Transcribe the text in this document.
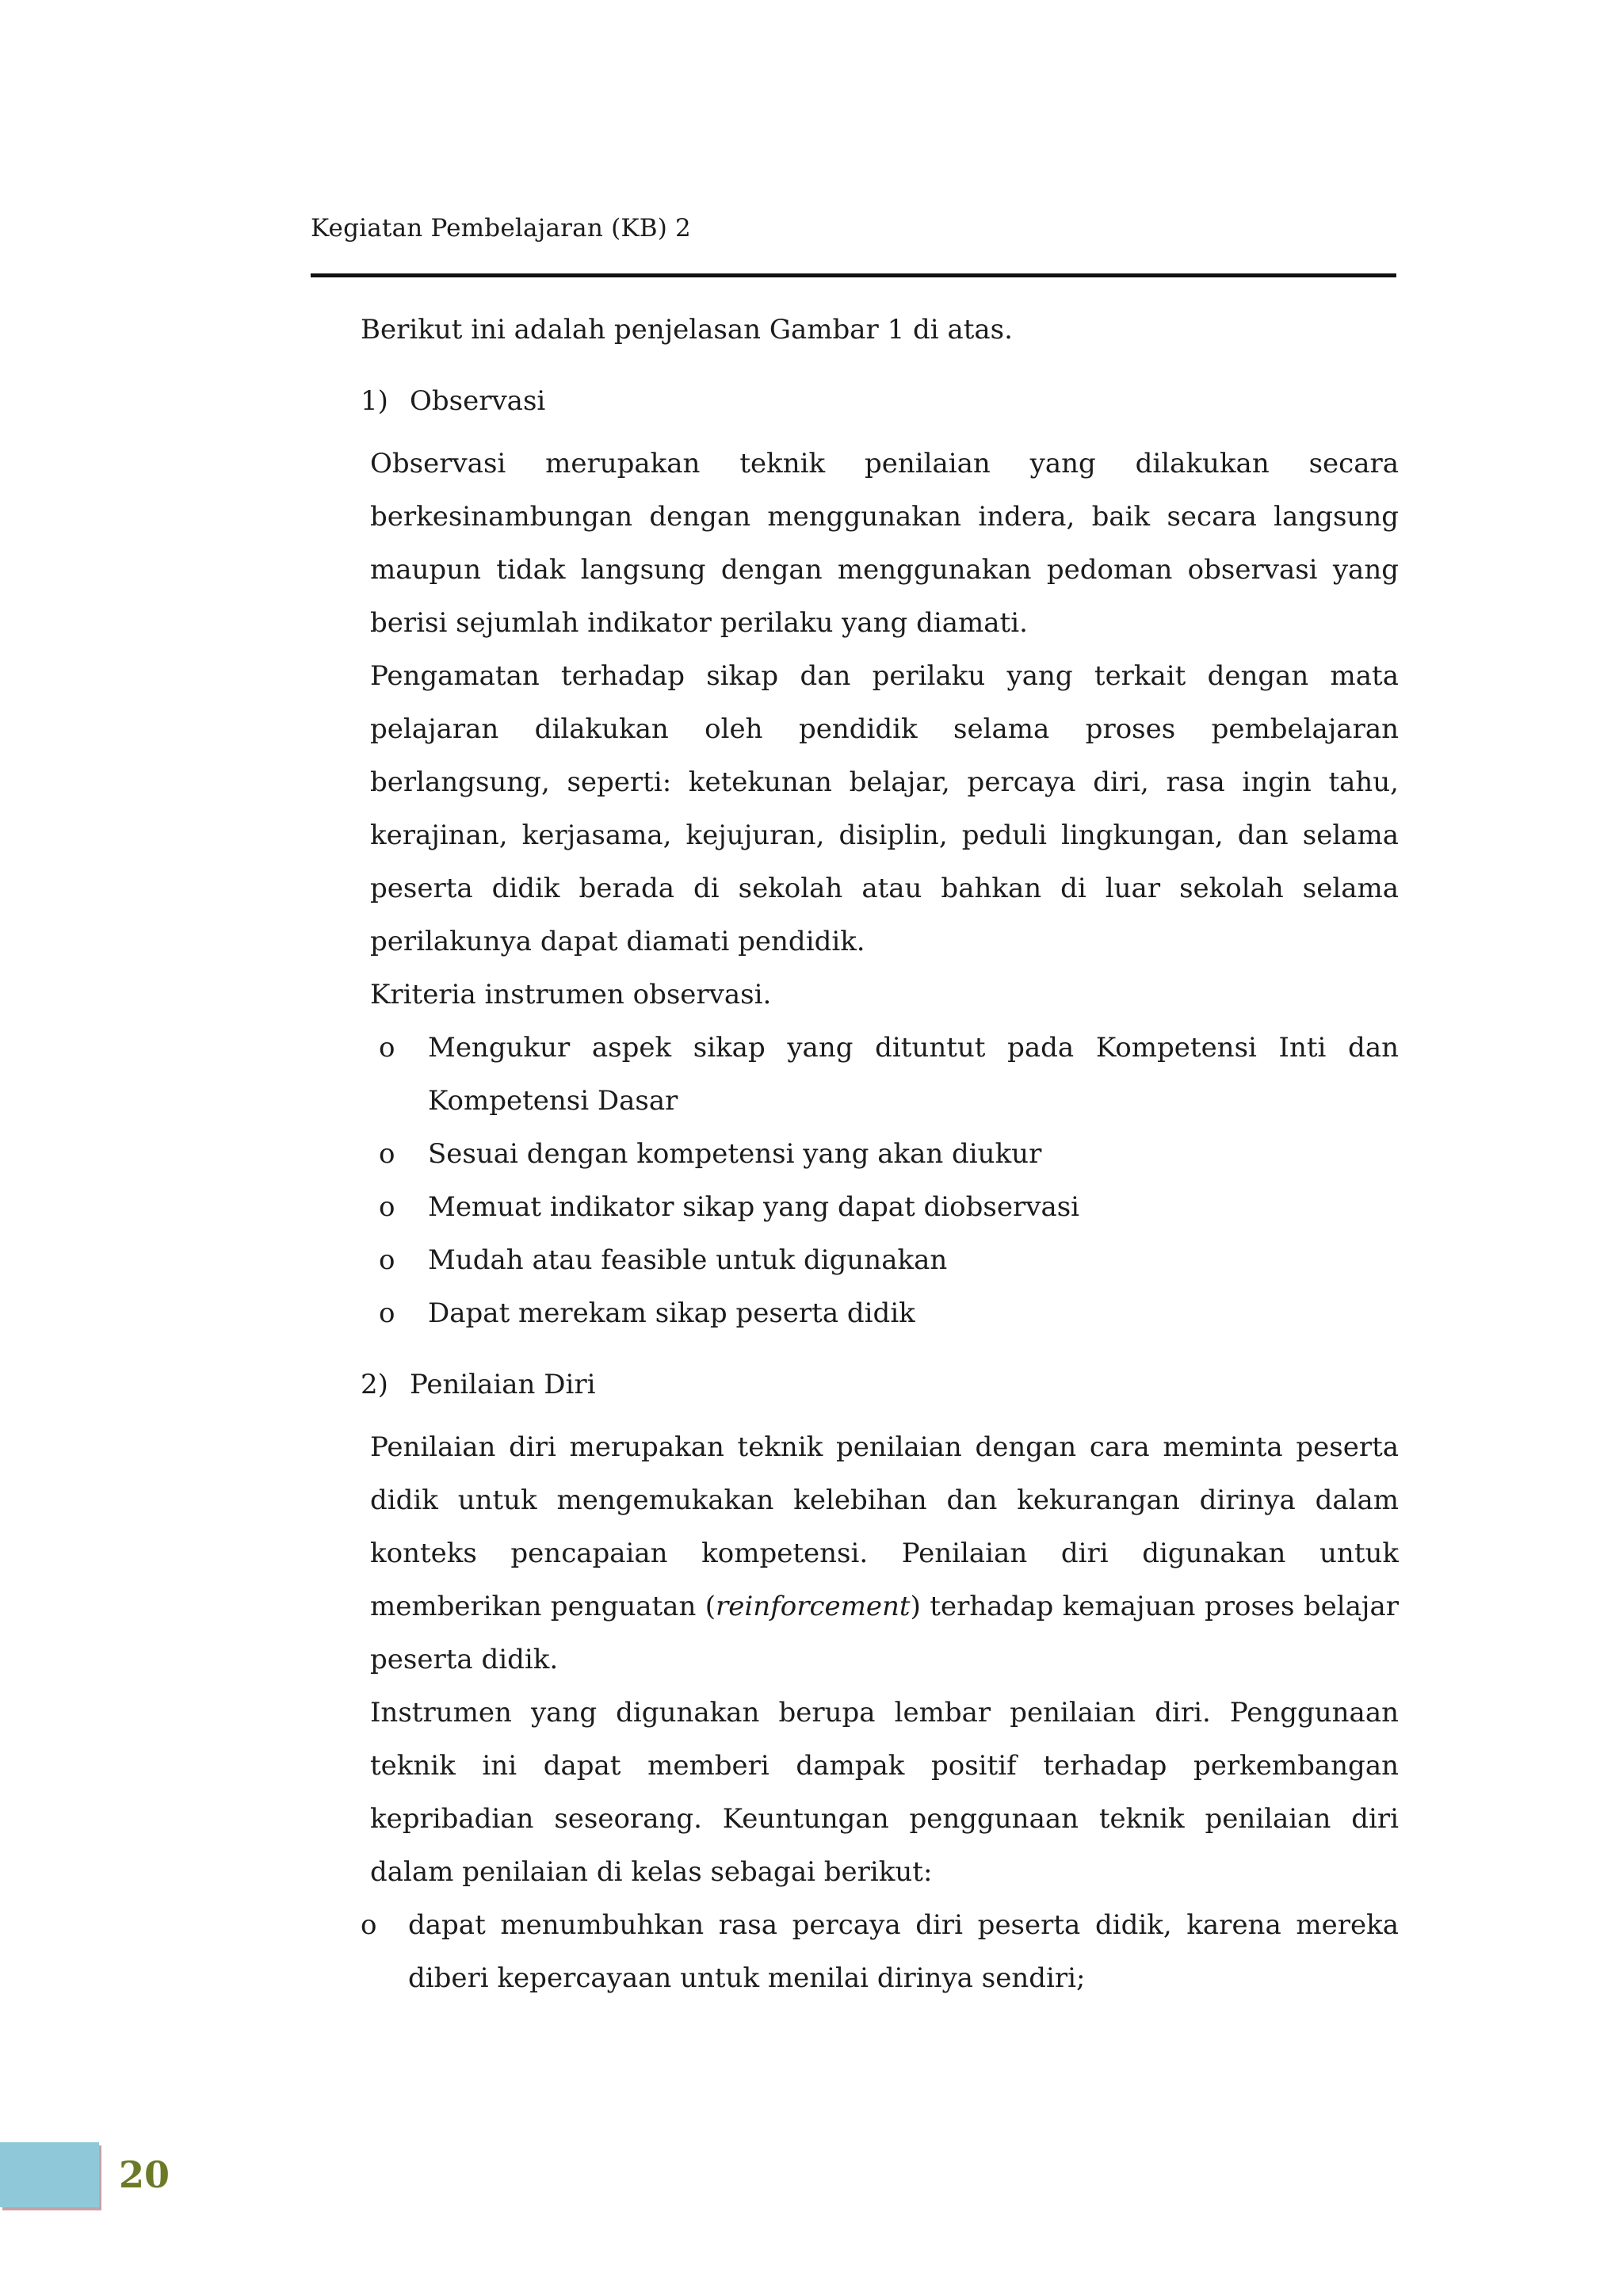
Kegiatan Pembelajaran (KB) 2

Berikut ini adalah penjelasan Gambar 1 di atas.

1) Observasi

Observasi merupakan teknik penilaian yang dilakukan secara berkesinambungan dengan menggunakan indera, baik secara langsung maupun tidak langsung dengan menggunakan pedoman observasi yang berisi sejumlah indikator perilaku yang diamati.

Pengamatan terhadap sikap dan perilaku yang terkait dengan mata pelajaran dilakukan oleh pendidik selama proses pembelajaran berlangsung, seperti: ketekunan belajar, percaya diri, rasa ingin tahu, kerajinan, kerjasama, kejujuran, disiplin, peduli lingkungan, dan selama peserta didik berada di sekolah atau bahkan di luar sekolah selama perilakunya dapat diamati pendidik.

Kriteria instrumen observasi.

o	Mengukur aspek sikap yang dituntut pada Kompetensi Inti dan Kompetensi Dasar
o	Sesuai dengan kompetensi yang akan diukur
o	Memuat indikator sikap yang dapat diobservasi
o	Mudah atau feasible untuk digunakan
o	Dapat merekam sikap peserta didik
2) Penilaian Diri

Penilaian diri merupakan teknik penilaian dengan cara meminta peserta didik untuk mengemukakan kelebihan dan kekurangan dirinya dalam konteks pencapaian kompetensi. Penilaian diri digunakan untuk memberikan penguatan (reinforcement) terhadap kemajuan proses belajar peserta didik.

Instrumen yang digunakan berupa lembar penilaian diri. Penggunaan teknik ini dapat memberi dampak positif terhadap perkembangan kepribadian seseorang. Keuntungan penggunaan teknik penilaian diri dalam penilaian di kelas sebagai berikut:

o	dapat menumbuhkan rasa percaya diri peserta didik, karena mereka diberi kepercayaan untuk menilai dirinya sendiri;
20
